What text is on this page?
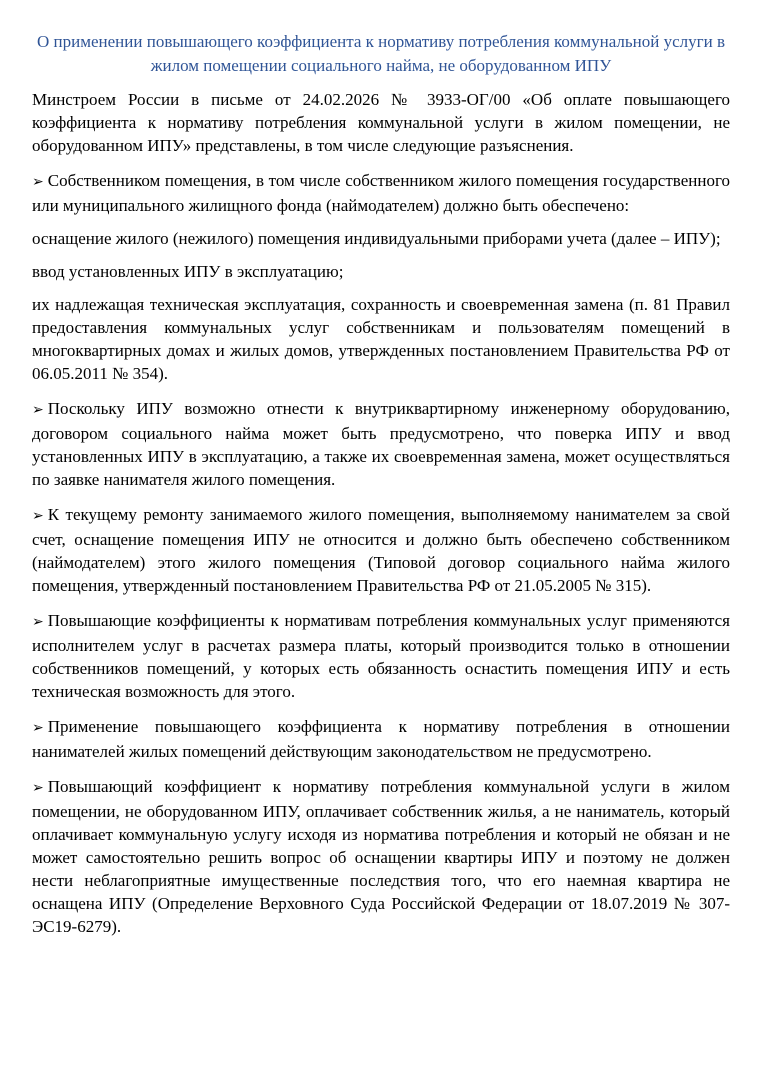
О применении повышающего коэффициента к нормативу потребления коммунальной услуги в жилом помещении социального найма, не оборудованном ИПУ

Минстроем России в письме от 24.02.2026 № 3933-ОГ/00 «Об оплате повышающего коэффициента к нормативу потребления коммунальной услуги в жилом помещении, не оборудованном ИПУ» представлены, в том числе следующие разъяснения.

➢ Собственником помещения, в том числе собственником жилого помещения государственного или муниципального жилищного фонда (наймодателем) должно быть обеспечено:

оснащение жилого (нежилого) помещения индивидуальными приборами учета (далее – ИПУ);

ввод установленных ИПУ в эксплуатацию;

их надлежащая техническая эксплуатация, сохранность и своевременная замена (п. 81 Правил предоставления коммунальных услуг собственникам и пользователям помещений в многоквартирных домах и жилых домов, утвержденных постановлением Правительства РФ от 06.05.2011 № 354).

➢ Поскольку ИПУ возможно отнести к внутриквартирному инженерному оборудованию, договором социального найма может быть предусмотрено, что поверка ИПУ и ввод установленных ИПУ в эксплуатацию, а также их своевременная замена, может осуществляться по заявке нанимателя жилого помещения.

➢ К текущему ремонту занимаемого жилого помещения, выполняемому нанимателем за свой счет, оснащение помещения ИПУ не относится и должно быть обеспечено собственником (наймодателем) этого жилого помещения (Типовой договор социального найма жилого помещения, утвержденный постановлением Правительства РФ от 21.05.2005 № 315).

➢ Повышающие коэффициенты к нормативам потребления коммунальных услуг применяются исполнителем услуг в расчетах размера платы, который производится только в отношении собственников помещений, у которых есть обязанность оснастить помещения ИПУ и есть техническая возможность для этого.

➢ Применение повышающего коэффициента к нормативу потребления в отношении нанимателей жилых помещений действующим законодательством не предусмотрено.

➢ Повышающий коэффициент к нормативу потребления коммунальной услуги в жилом помещении, не оборудованном ИПУ, оплачивает собственник жилья, а не наниматель, который оплачивает коммунальную услугу исходя из норматива потребления и который не обязан и не может самостоятельно решить вопрос об оснащении квартиры ИПУ и поэтому не должен нести неблагоприятные имущественные последствия того, что его наемная квартира не оснащена ИПУ (Определение Верховного Суда Российской Федерации от 18.07.2019 № 307-ЭС19-6279).
